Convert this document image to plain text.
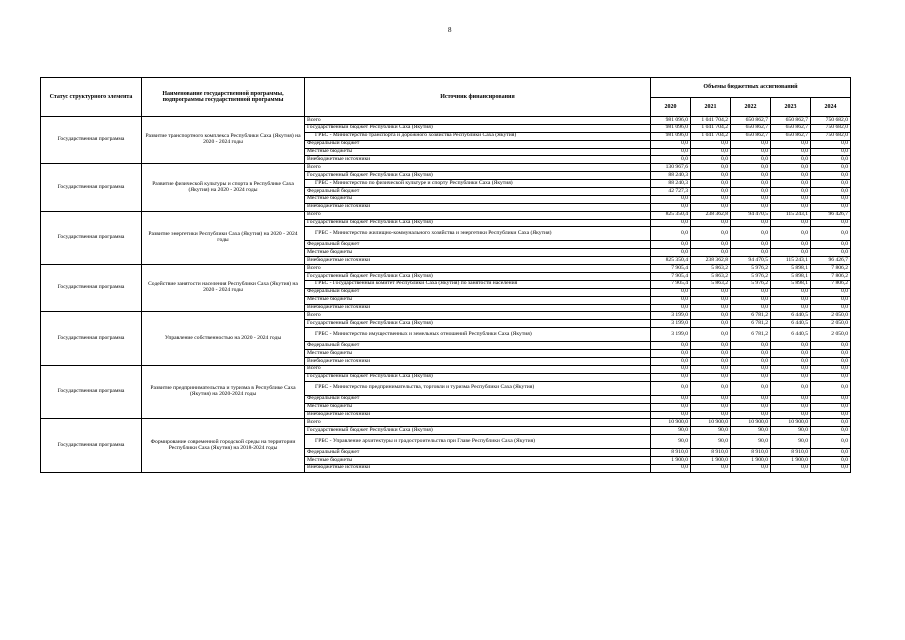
8
Статус структурного элемента	Наименование государственной программы, подпрограммы государственной программы	Источник финансирования	Объемы бюджетных ассигнований				
			2020	2021	2022	2023	2024
Государственная программа	Развитие транспортного комплекса Республики Саха (Якутия) на 2020 - 2024 годы	Всего	981 096,0	1 041 704,2	650 862,7	650 862,7	750 682,0
		Государственный бюджет Республики Саха (Якутия)	981 096,0	1 041 704,2	650 862,7	650 862,7	750 682,0
		ГРБС - Министерство транспорта и дорожного хозяйства Республики Саха (Якутия)	981 096,0	1 041 704,2	650 862,7	650 862,7	750 682,0
		Федеральный бюджет	0,0	0,0	0,0	0,0	0,0
		Местные бюджеты	0,0	0,0	0,0	0,0	0,0
		Внебюджетные источники	0,0	0,0	0,0	0,0	0,0
Государственная программа	Развитие физической культуры и спорта в Республике Саха (Якутия) на 2020 - 2024 годы	Всего	130 967,6	0,0	0,0	0,0	0,0
		Государственный бюджет Республики Саха (Якутия)	88 240,3	0,0	0,0	0,0	0,0
		ГРБС - Министерство по физической культуре и спорту Республики Саха (Якутия)	88 240,3	0,0	0,0	0,0	0,0
		Федеральный бюджет	42 727,3	0,0	0,0	0,0	0,0
		Местные бюджеты	0,0	0,0	0,0	0,0	0,0
		Внебюджетные источники	0,0	0,0	0,0	0,0	0,0
Государственная программа	Развитие энергетики Республики Саха (Якутия) на 2020 - 2024 годы	Всего	825 350,4	238 362,8	94 470,5	115 243,1	96 426,7
		Государственный бюджет Республики Саха (Якутия)	0,0	0,0	0,0	0,0	0,0
		ГРБС - Министерство жилищно-коммунального хозяйства и энергетики Республики Саха (Якутия)	0,0	0,0	0,0	0,0	0,0
		Федеральный бюджет	0,0	0,0	0,0	0,0	0,0
		Местные бюджеты	0,0	0,0	0,0	0,0	0,0
		Внебюджетные источники	825 350,4	238 362,8	94 470,5	115 243,1	96 426,7
Государственная программа	Содействие занятости населения Республики Саха (Якутия) на 2020 - 2024 годы	Всего	7 905,4	5 863,2	5 976,2	5 898,1	7 806,2
		Государственный бюджет Республики Саха (Якутия)	7 905,4	5 863,2	5 976,2	5 898,1	7 806,2
		ГРБС - Государственный комитет Республики Саха (Якутия) по занятости населения	7 905,4	5 863,2	5 976,2	5 898,1	7 806,2
		Федеральный бюджет	0,0	0,0	0,0	0,0	0,0
		Местные бюджеты	0,0	0,0	0,0	0,0	0,0
		Внебюджетные источники	0,0	0,0	0,0	0,0	0,0
Государственная программа	Управление собственностью на 2020 - 2024 годы	Всего	3 199,0	0,0	6 781,2	6 440,5	2 050,0
		Государственный бюджет Республики Саха (Якутия)	3 199,0	0,0	6 781,2	6 440,5	2 050,0
		ГРБС - Министерство имущественных и земельных отношений Республики Саха (Якутия)	3 199,0	0,0	6 781,2	6 440,5	2 050,0
		Федеральный бюджет	0,0	0,0	0,0	0,0	0,0
		Местные бюджеты	0,0	0,0	0,0	0,0	0,0
		Внебюджетные источники	0,0	0,0	0,0	0,0	0,0
Государственная программа	Развитие предпринимательства и туризма в Республике Саха (Якутия) на 2020-2024 годы	Всего	0,0	0,0	0,0	0,0	0,0
		Государственный бюджет Республики Саха (Якутия)	0,0	0,0	0,0	0,0	0,0
		ГРБС - Министерство предпринимательства, торговли и туризма Республики Саха (Якутия)	0,0	0,0	0,0	0,0	0,0
		Федеральный бюджет	0,0	0,0	0,0	0,0	0,0
		Местные бюджеты	0,0	0,0	0,0	0,0	0,0
		Внебюджетные источники	0,0	0,0	0,0	0,0	0,0
Государственная программа	Формирование современной городской среды на территории Республики Саха (Якутия) на 2018-2024 годы	Всего	10 900,0	10 900,0	10 900,0	10 900,0	0,0
		Государственный бюджет Республики Саха (Якутия)	90,0	90,0	90,0	90,0	0,0
		ГРБС - Управление архитектуры и градостроительства при Главе Республики Саха (Якутия)	90,0	90,0	90,0	90,0	0,0
		Федеральный бюджет	8 910,0	8 910,0	8 910,0	8 910,0	0,0
		Местные бюджеты	1 900,0	1 900,0	1 900,0	1 900,0	0,0
		Внебюджетные источники	0,0	0,0	0,0	0,0	0,0
